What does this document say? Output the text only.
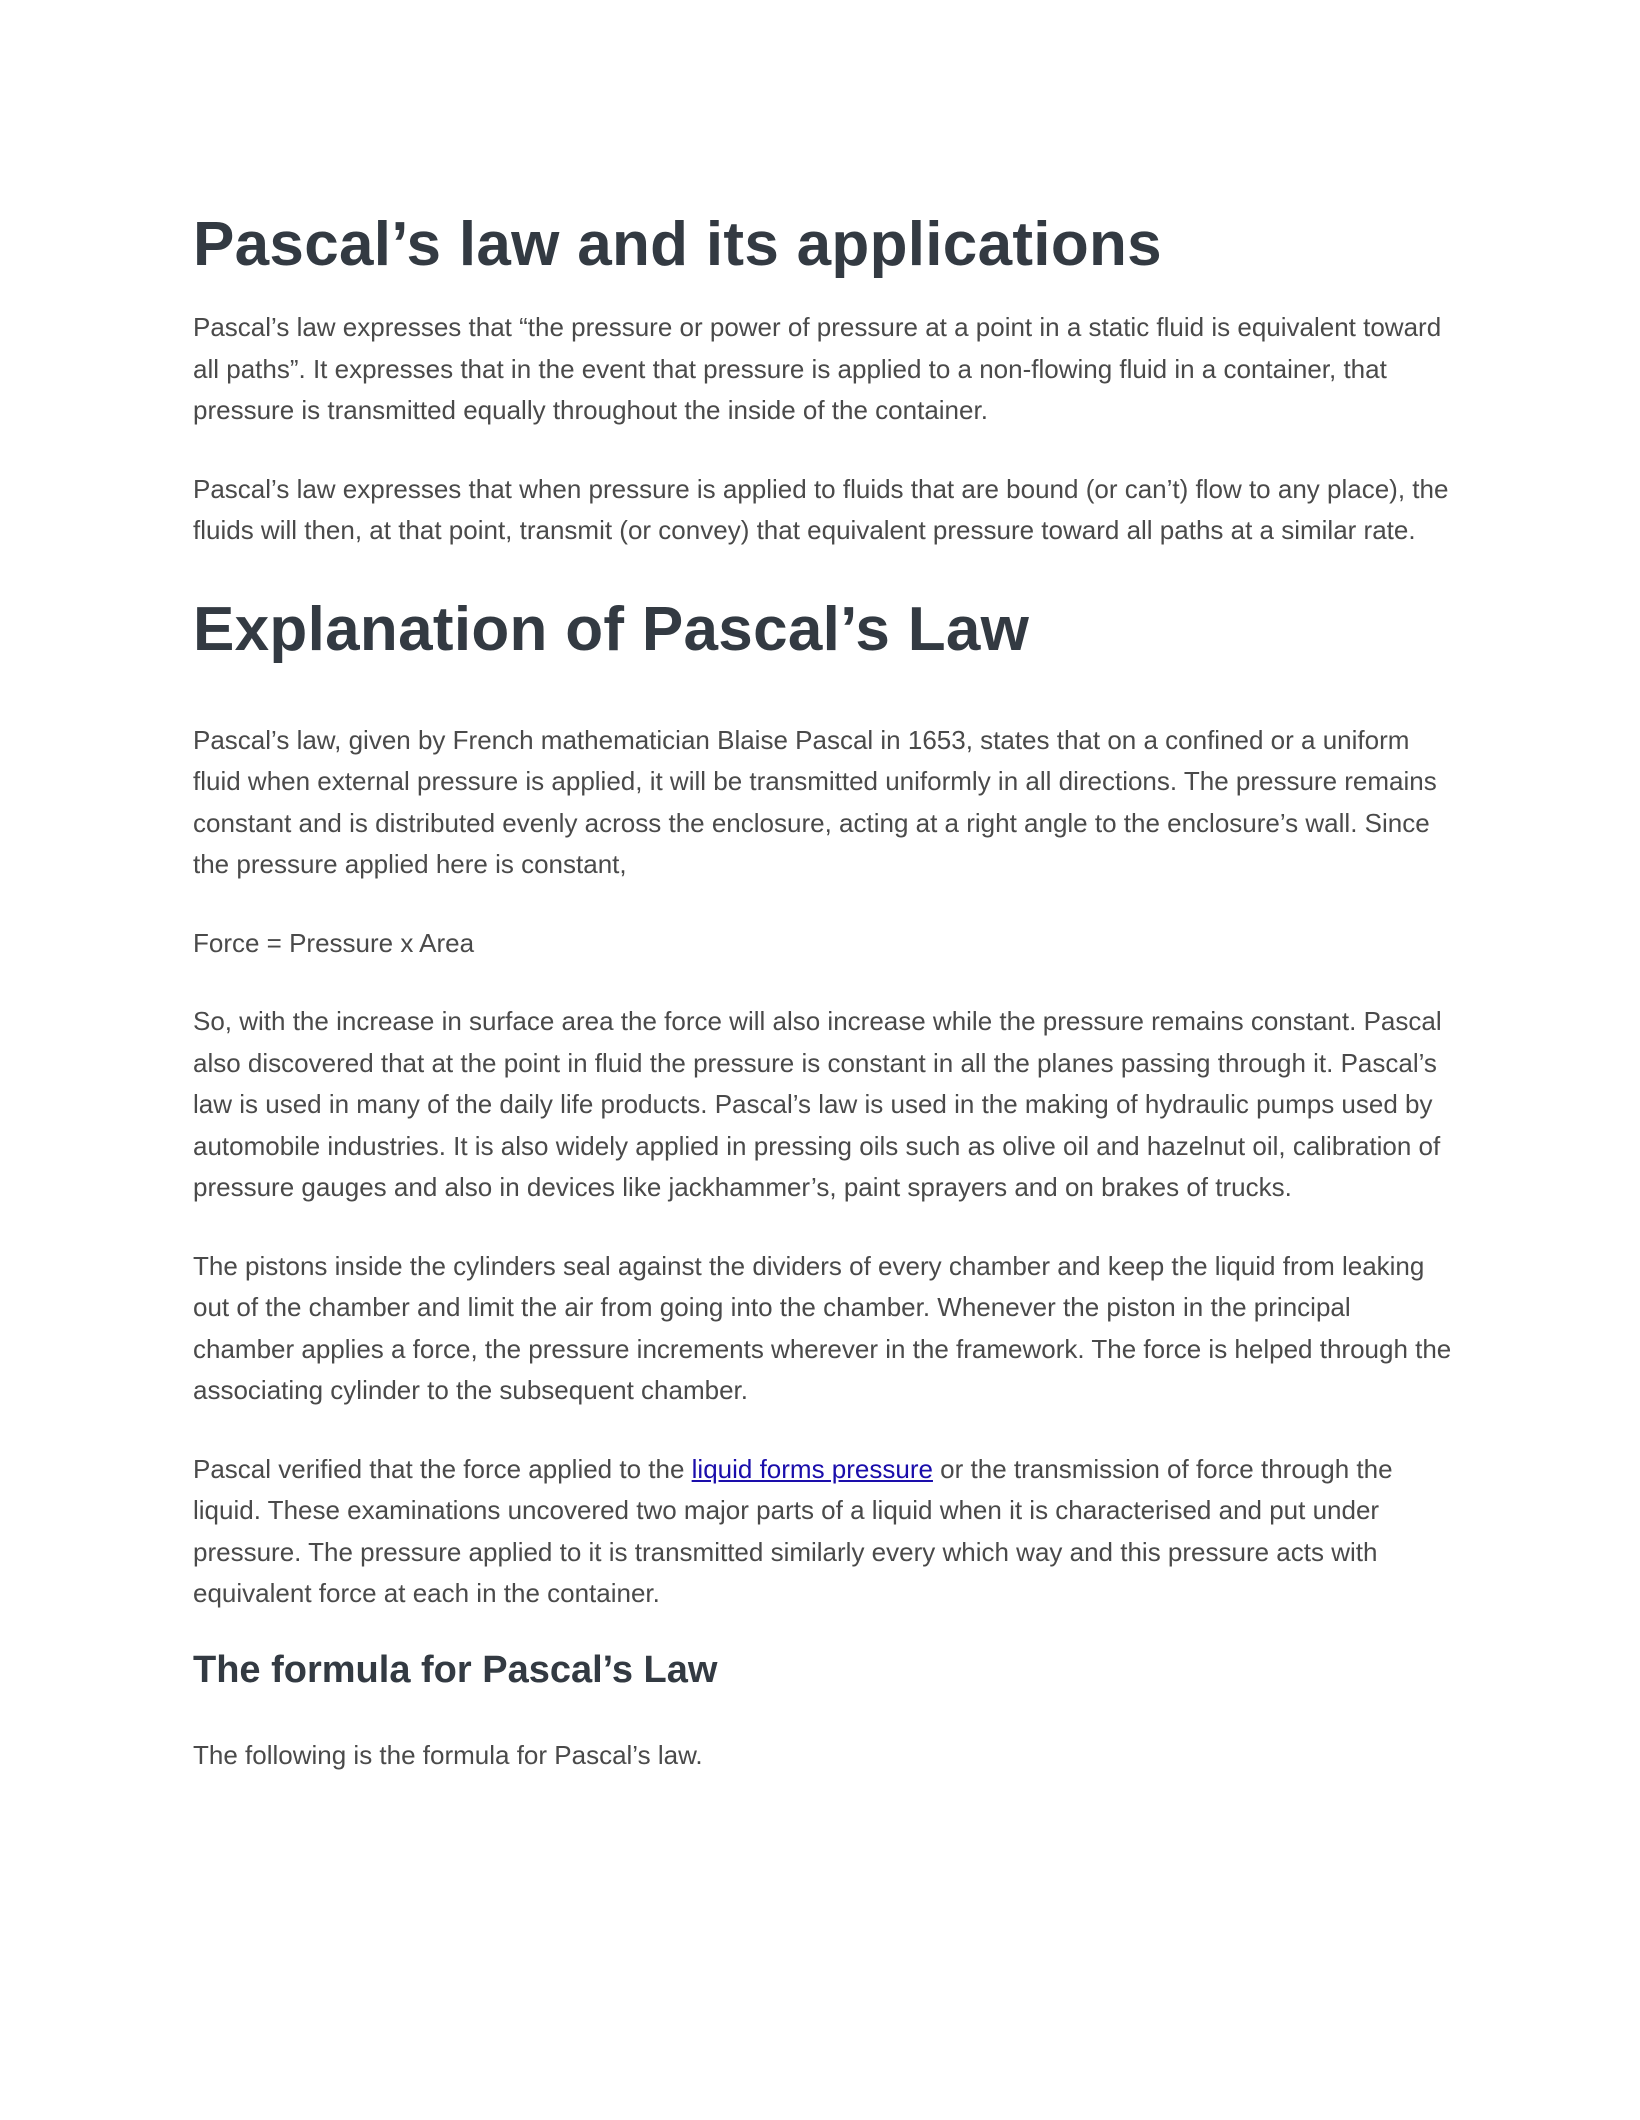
Pascal’s law and its applications

Pascal’s law expresses that “the pressure or power of pressure at a point in a static fluid is equivalent toward all paths”. It expresses that in the event that pressure is applied to a non-flowing fluid in a container, that pressure is transmitted equally throughout the inside of the container.

Pascal’s law expresses that when pressure is applied to fluids that are bound (or can’t) flow to any place), the fluids will then, at that point, transmit (or convey) that equivalent pressure toward all paths at a similar rate.

Explanation of Pascal’s Law

Pascal’s law, given by French mathematician Blaise Pascal in 1653, states that on a confined or a uniform fluid when external pressure is applied, it will be transmitted uniformly in all directions. The pressure remains constant and is distributed evenly across the enclosure, acting at a right angle to the enclosure’s wall. Since the pressure applied here is constant,

Force = Pressure x Area

So, with the increase in surface area the force will also increase while the pressure remains constant. Pascal also discovered that at the point in fluid the pressure is constant in all the planes passing through it. Pascal’s law is used in many of the daily life products. Pascal’s law is used in the making of hydraulic pumps used by automobile industries. It is also widely applied in pressing oils such as olive oil and hazelnut oil, calibration of pressure gauges and also in devices like jackhammer’s, paint sprayers and on brakes of trucks.

The pistons inside the cylinders seal against the dividers of every chamber and keep the liquid from leaking out of the chamber and limit the air from going into the chamber. Whenever the piston in the principal chamber applies a force, the pressure increments wherever in the framework. The force is helped through the associating cylinder to the subsequent chamber.

Pascal verified that the force applied to the liquid forms pressure or the transmission of force through the liquid. These examinations uncovered two major parts of a liquid when it is characterised and put under pressure. The pressure applied to it is transmitted similarly every which way and this pressure acts with equivalent force at each in the container.

The formula for Pascal’s Law

The following is the formula for Pascal’s law.
